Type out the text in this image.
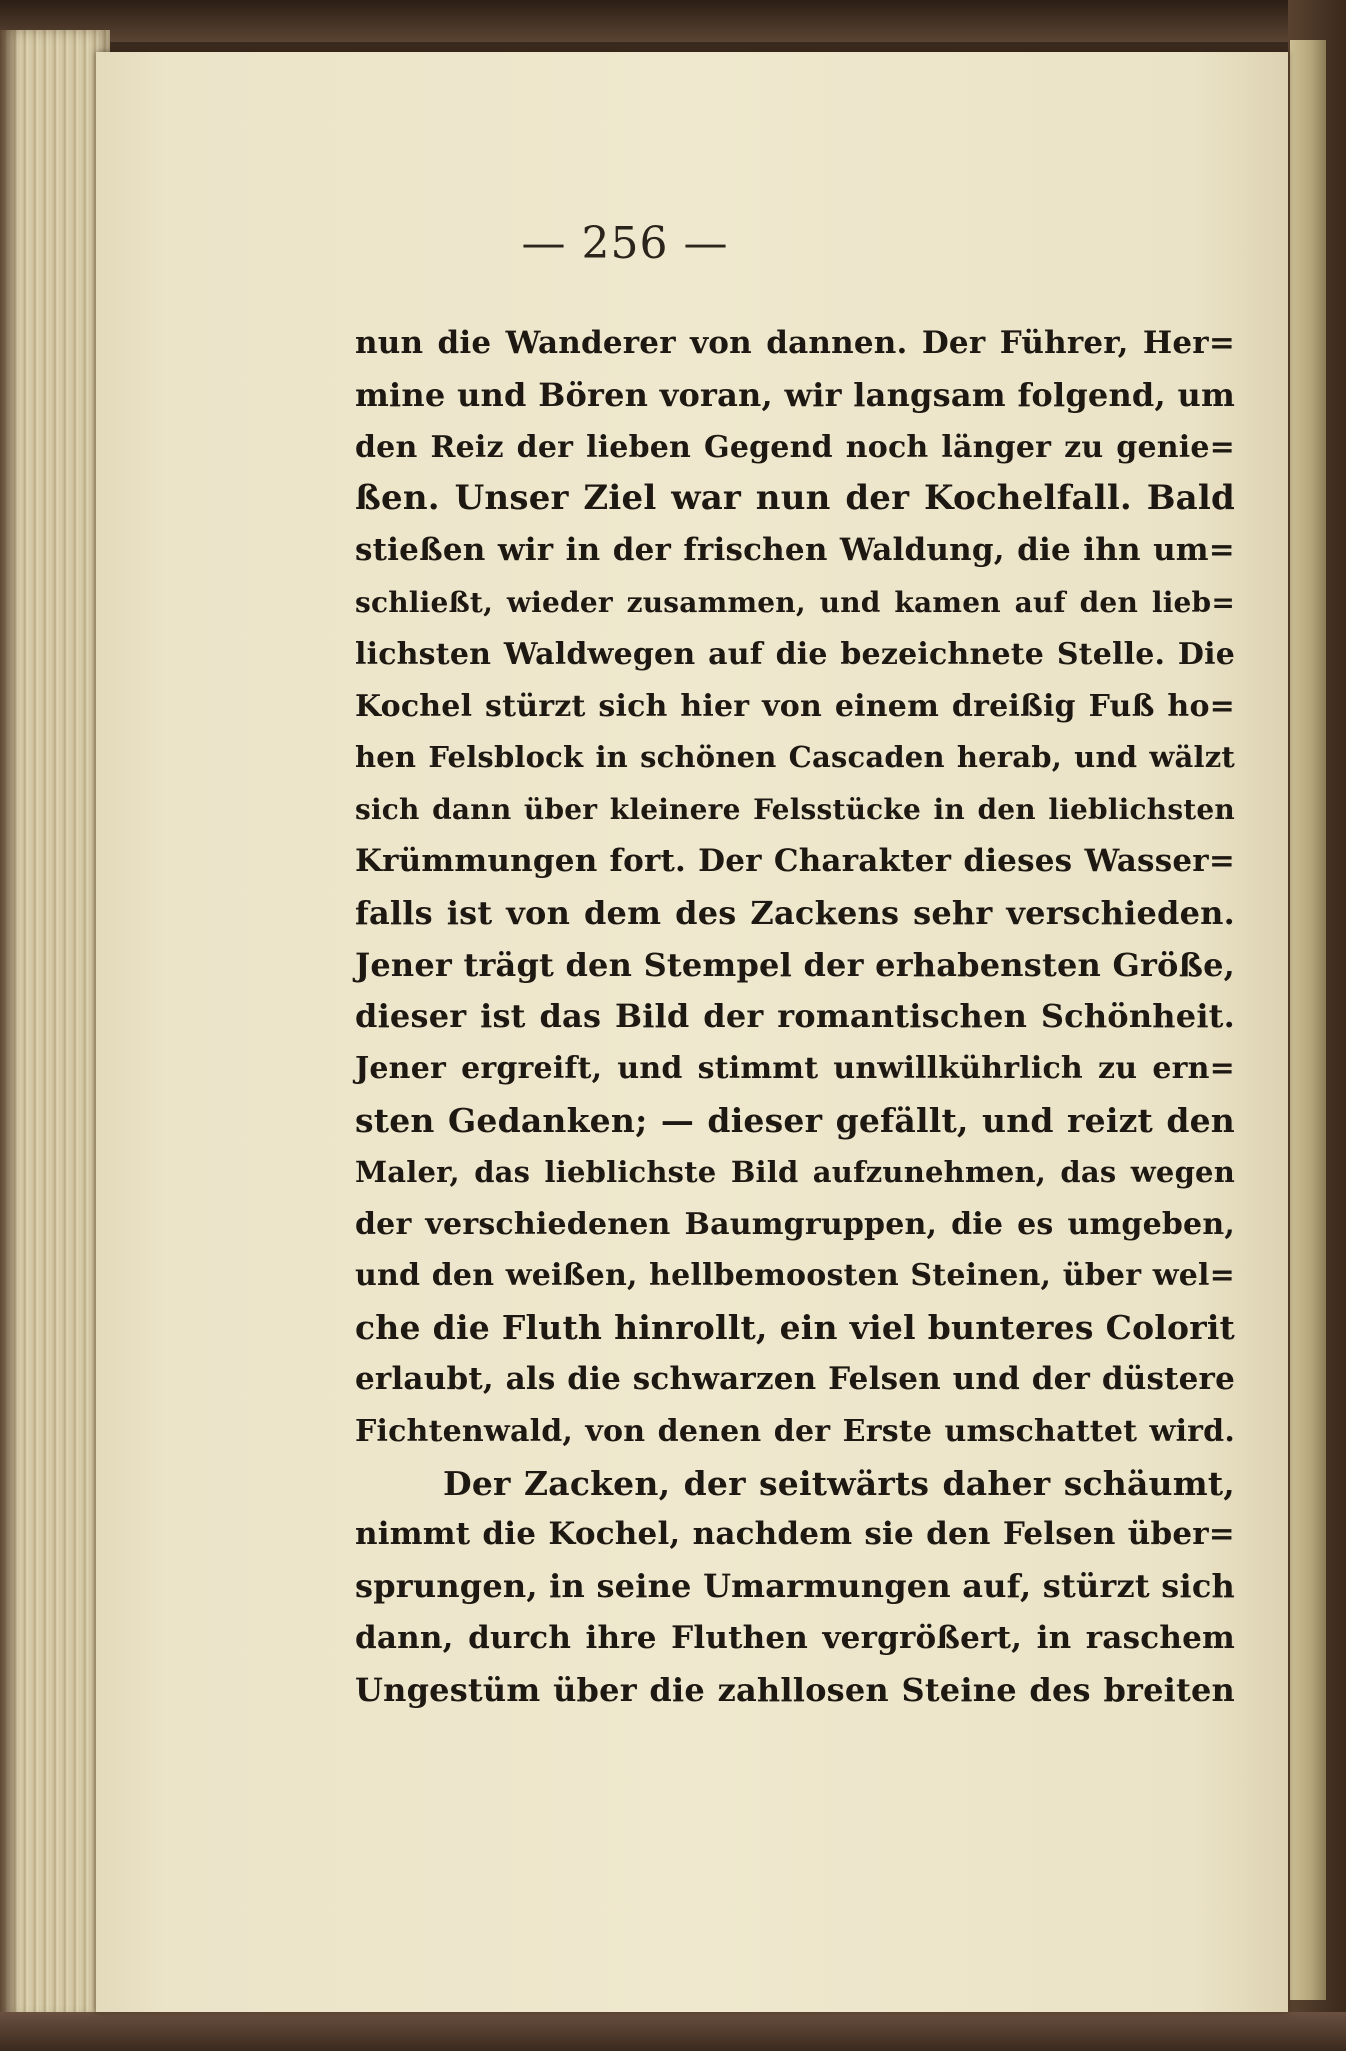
— 256 —
nun die Wanderer von dannen. Der Führer, Her=
mine und Bören voran, wir langsam folgend, um
den Reiz der lieben Gegend noch länger zu genie=
ßen. Unser Ziel war nun der Kochelfall. Bald
stießen wir in der frischen Waldung, die ihn um=
schließt, wieder zusammen, und kamen auf den lieb=
lichsten Waldwegen auf die bezeichnete Stelle. Die
Kochel stürzt sich hier von einem dreißig Fuß ho=
hen Felsblock in schönen Cascaden herab, und wälzt
sich dann über kleinere Felsstücke in den lieblichsten
Krümmungen fort. Der Charakter dieses Wasser=
falls ist von dem des Zackens sehr verschieden.
Jener trägt den Stempel der erhabensten Größe,
dieser ist das Bild der romantischen Schönheit.
Jener ergreift, und stimmt unwillkührlich zu ern=
sten Gedanken; — dieser gefällt, und reizt den
Maler, das lieblichste Bild aufzunehmen, das wegen
der verschiedenen Baumgruppen, die es umgeben,
und den weißen, hellbemoosten Steinen, über wel=
che die Fluth hinrollt, ein viel bunteres Colorit
erlaubt, als die schwarzen Felsen und der düstere
Fichtenwald, von denen der Erste umschattet wird.
Der Zacken, der seitwärts daher schäumt,
nimmt die Kochel, nachdem sie den Felsen über=
sprungen, in seine Umarmungen auf, stürzt sich
dann, durch ihre Fluthen vergrößert, in raschem
Ungestüm über die zahllosen Steine des breiten
